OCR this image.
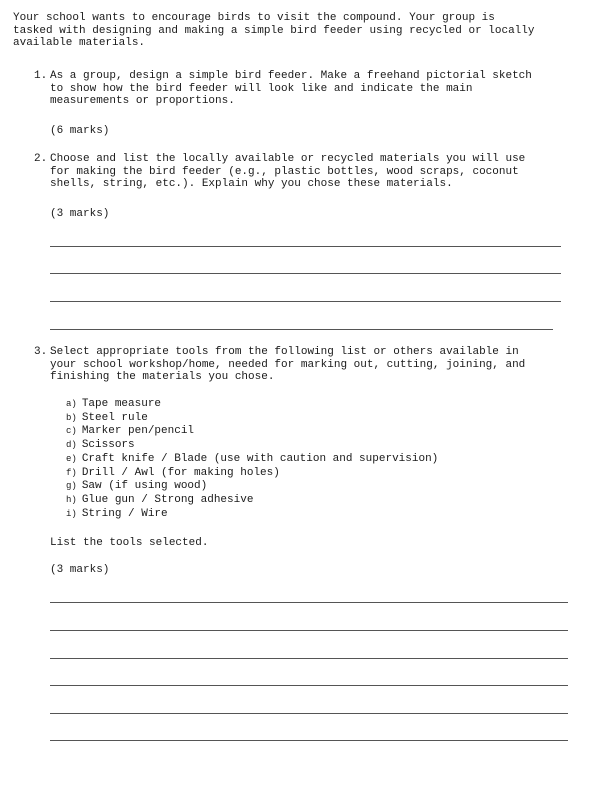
Your school wants to encourage birds to visit the compound. Your group is
tasked with designing and making a simple bird feeder using recycled or locally
available materials.
1. As a group, design a simple bird feeder. Make a freehand pictorial sketch
to show how the bird feeder will look like and indicate the main
measurements or proportions.
(6 marks)
2. Choose and list the locally available or recycled materials you will use
for making the bird feeder (e.g., plastic bottles, wood scraps, coconut
shells, string, etc.). Explain why you chose these materials.
(3 marks)
3. Select appropriate tools from the following list or others available in
your school workshop/home, needed for marking out, cutting, joining, and
finishing the materials you chose.
a) Tape measure
b) Steel rule
c) Marker pen/pencil
d) Scissors
e) Craft knife / Blade (use with caution and supervision)
f) Drill / Awl (for making holes)
g) Saw (if using wood)
h) Glue gun / Strong adhesive
i) String / Wire
List the tools selected.
(3 marks)
